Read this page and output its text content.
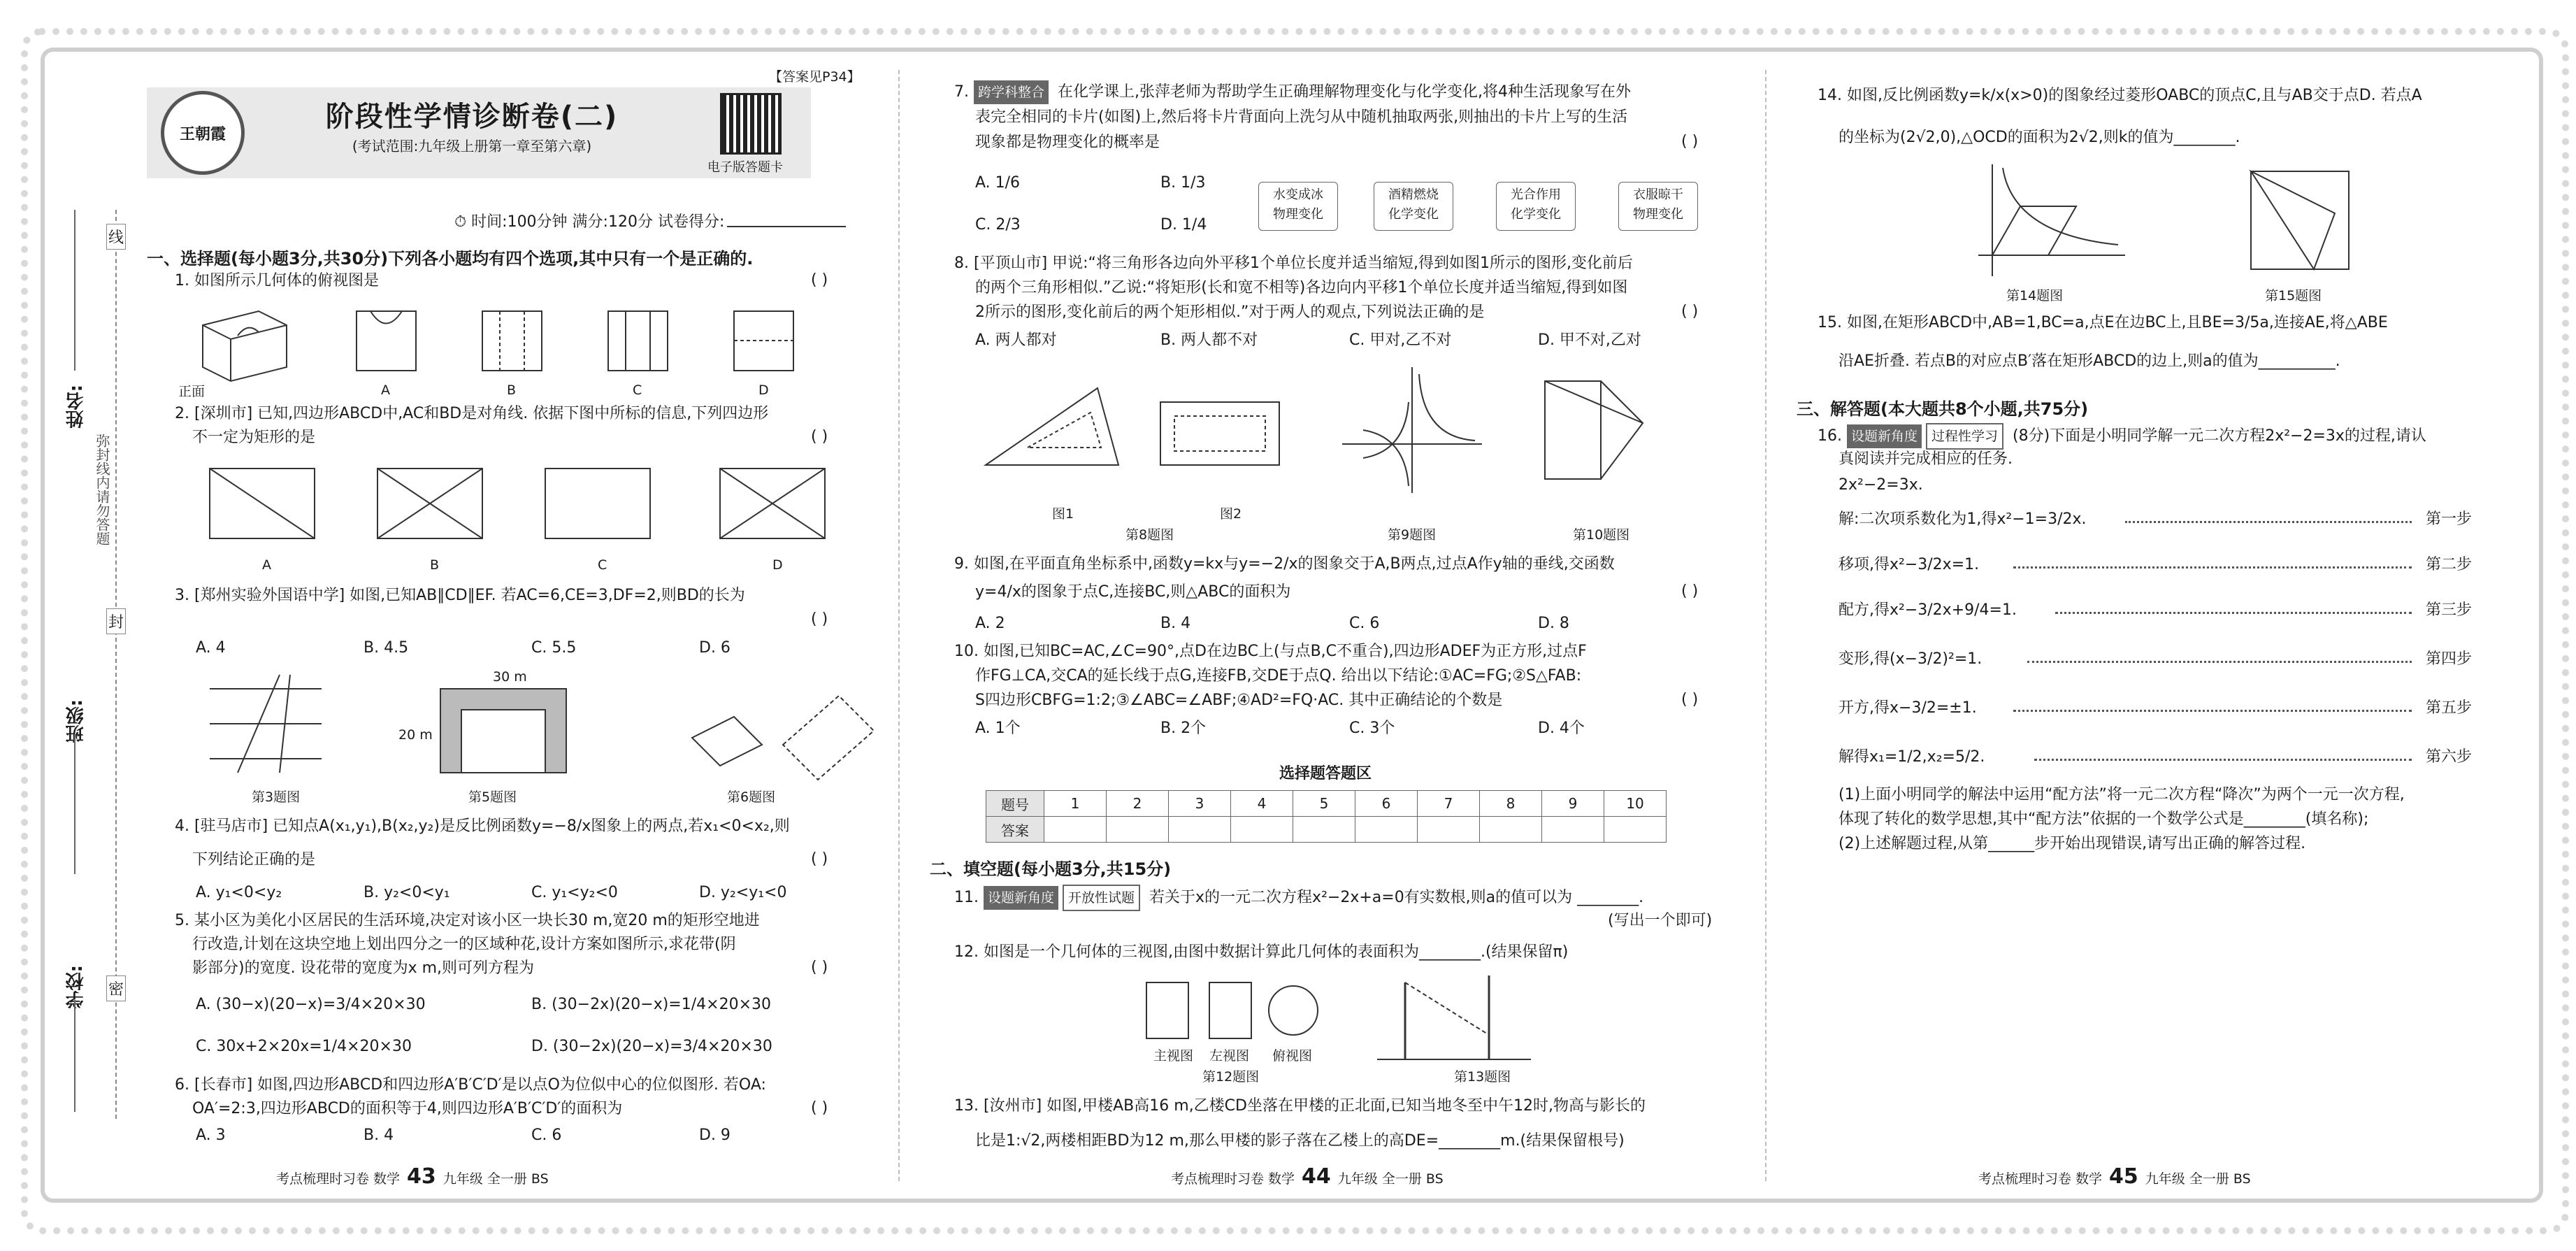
学校:
班级:
姓名:
弥封线内请勿答题
线
封
密
【答案见P34】
王朝霞
阶段性学情诊断卷(二)
(考试范围:九年级上册第一章至第六章)
电子版答题卡
⏱ 时间:100分钟 满分:120分 试卷得分:
一、选择题(每小题3分,共30分)下列各小题均有四个选项,其中只有一个是正确的.
1. 如图所示几何体的俯视图是	( )
正面	A	B	C	D
2. [深圳市] 已知,四边形ABCD中,AC和BD是对角线. 依据下图中所标的信息,下列四边形
不一定为矩形的是	( )
A	B	C	D
3. [郑州实验外国语中学] 如图,已知AB∥CD∥EF. 若AC=6,CE=3,DF=2,则BD的长为
( )
A. 4	B. 4.5	C. 5.5	D. 6
第3题图	第5题图	第6题图
30 m
20 m
4. [驻马店市] 已知点A(x₁,y₁),B(x₂,y₂)是反比例函数y=−8/x图象上的两点,若x₁<0<x₂,则
下列结论正确的是	( )
A. y₁<0<y₂	B. y₂<0<y₁	C. y₁<y₂<0	D. y₂<y₁<0
5. 某小区为美化小区居民的生活环境,决定对该小区一块长30 m,宽20 m的矩形空地进
行改造,计划在这块空地上划出四分之一的区域种花,设计方案如图所示,求花带(阴
影部分)的宽度. 设花带的宽度为x m,则可列方程为	( )
A. (30−x)(20−x)=3/4×20×30	B. (30−2x)(20−x)=1/4×20×30
C. 30x+2×20x=1/4×20×30	D. (30−2x)(20−x)=3/4×20×30
6. [长春市] 如图,四边形ABCD和四边形A′B′C′D′是以点O为位似中心的位似图形. 若OA:
OA′=2:3,四边形ABCD的面积等于4,则四边形A′B′C′D′的面积为	( )
A. 3	B. 4	C. 6	D. 9
7. 跨学科整合 在化学课上,张萍老师为帮助学生正确理解物理变化与化学变化,将4种生活现象写在外
表完全相同的卡片(如图)上,然后将卡片背面向上洗匀从中随机抽取两张,则抽出的卡片上写的生活
现象都是物理变化的概率是	( )
A. 1/6	B. 1/3
C. 2/3	D. 1/4
水变成冰
物理变化
酒精燃烧
化学变化
光合作用
化学变化
衣服晾干
物理变化
8. [平顶山市] 甲说:“将三角形各边向外平移1个单位长度并适当缩短,得到如图1所示的图形,变化前后
的两个三角形相似.”乙说:“将矩形(长和宽不相等)各边向内平移1个单位长度并适当缩短,得到如图
2所示的图形,变化前后的两个矩形相似.”对于两人的观点,下列说法正确的是	( )
A. 两人都对	B. 两人都不对	C. 甲对,乙不对	D. 甲不对,乙对
图1	图2
第8题图	第9题图	第10题图
9. 如图,在平面直角坐标系中,函数y=kx与y=−2/x的图象交于A,B两点,过点A作y轴的垂线,交函数
y=4/x的图象于点C,连接BC,则△ABC的面积为	( )
A. 2	B. 4	C. 6	D. 8
10. 如图,已知BC=AC,∠C=90°,点D在边BC上(与点B,C不重合),四边形ADEF为正方形,过点F
作FG⊥CA,交CA的延长线于点G,连接FB,交DE于点Q. 给出以下结论:①AC=FG;②S△FAB:
S四边形CBFG=1:2;③∠ABC=∠ABF;④AD²=FQ·AC. 其中正确结论的个数是	( )
A. 1个	B. 2个	C. 3个	D. 4个
选择题答题区
题号	1	2	3	4	5	6	7	8	9	10
答案										
二、填空题(每小题3分,共15分)
11. 设题新角度 开放性试题 若关于x的一元二次方程x²−2x+a=0有实数根,则a的值可以为 ________.
(写出一个即可)
12. 如图是一个几何体的三视图,由图中数据计算此几何体的表面积为________.(结果保留π)
主视图 左视图 俯视图
第12题图	第13题图
13. [汝州市] 如图,甲楼AB高16 m,乙楼CD坐落在甲楼的正北面,已知当地冬至中午12时,物高与影长的
比是1:√2,两楼相距BD为12 m,那么甲楼的影子落在乙楼上的高DE=________m.(结果保留根号)
14. 如图,反比例函数y=k/x(x>0)的图象经过菱形OABC的顶点C,且与AB交于点D. 若点A
的坐标为(2√2,0),△OCD的面积为2√2,则k的值为________.
第14题图	第15题图
15. 如图,在矩形ABCD中,AB=1,BC=a,点E在边BC上,且BE=3/5a,连接AE,将△ABE
沿AE折叠. 若点B的对应点B′落在矩形ABCD的边上,则a的值为__________.
三、解答题(本大题共8个小题,共75分)
16. 设题新角度 过程性学习 (8分)下面是小明同学解一元二次方程2x²−2=3x的过程,请认
真阅读并完成相应的任务.
2x²−2=3x.
解:二次项系数化为1,得x²−1=3/2x.	第一步
移项,得x²−3/2x=1.	第二步
配方,得x²−3/2x+9/4=1.	第三步
变形,得(x−3/2)²=1.	第四步
开方,得x−3/2=±1.	第五步
解得x₁=1/2,x₂=5/2.	第六步
(1)上面小明同学的解法中运用“配方法”将一元二次方程“降次”为两个一元一次方程,
体现了转化的数学思想,其中“配方法”依据的一个数学公式是________(填名称);
(2)上述解题过程,从第______步开始出现错误,请写出正确的解答过程.
考点梳理时习卷 数学 43 九年级 全一册 BS	考点梳理时习卷 数学 44 九年级 全一册 BS	考点梳理时习卷 数学 45 九年级 全一册 BS
